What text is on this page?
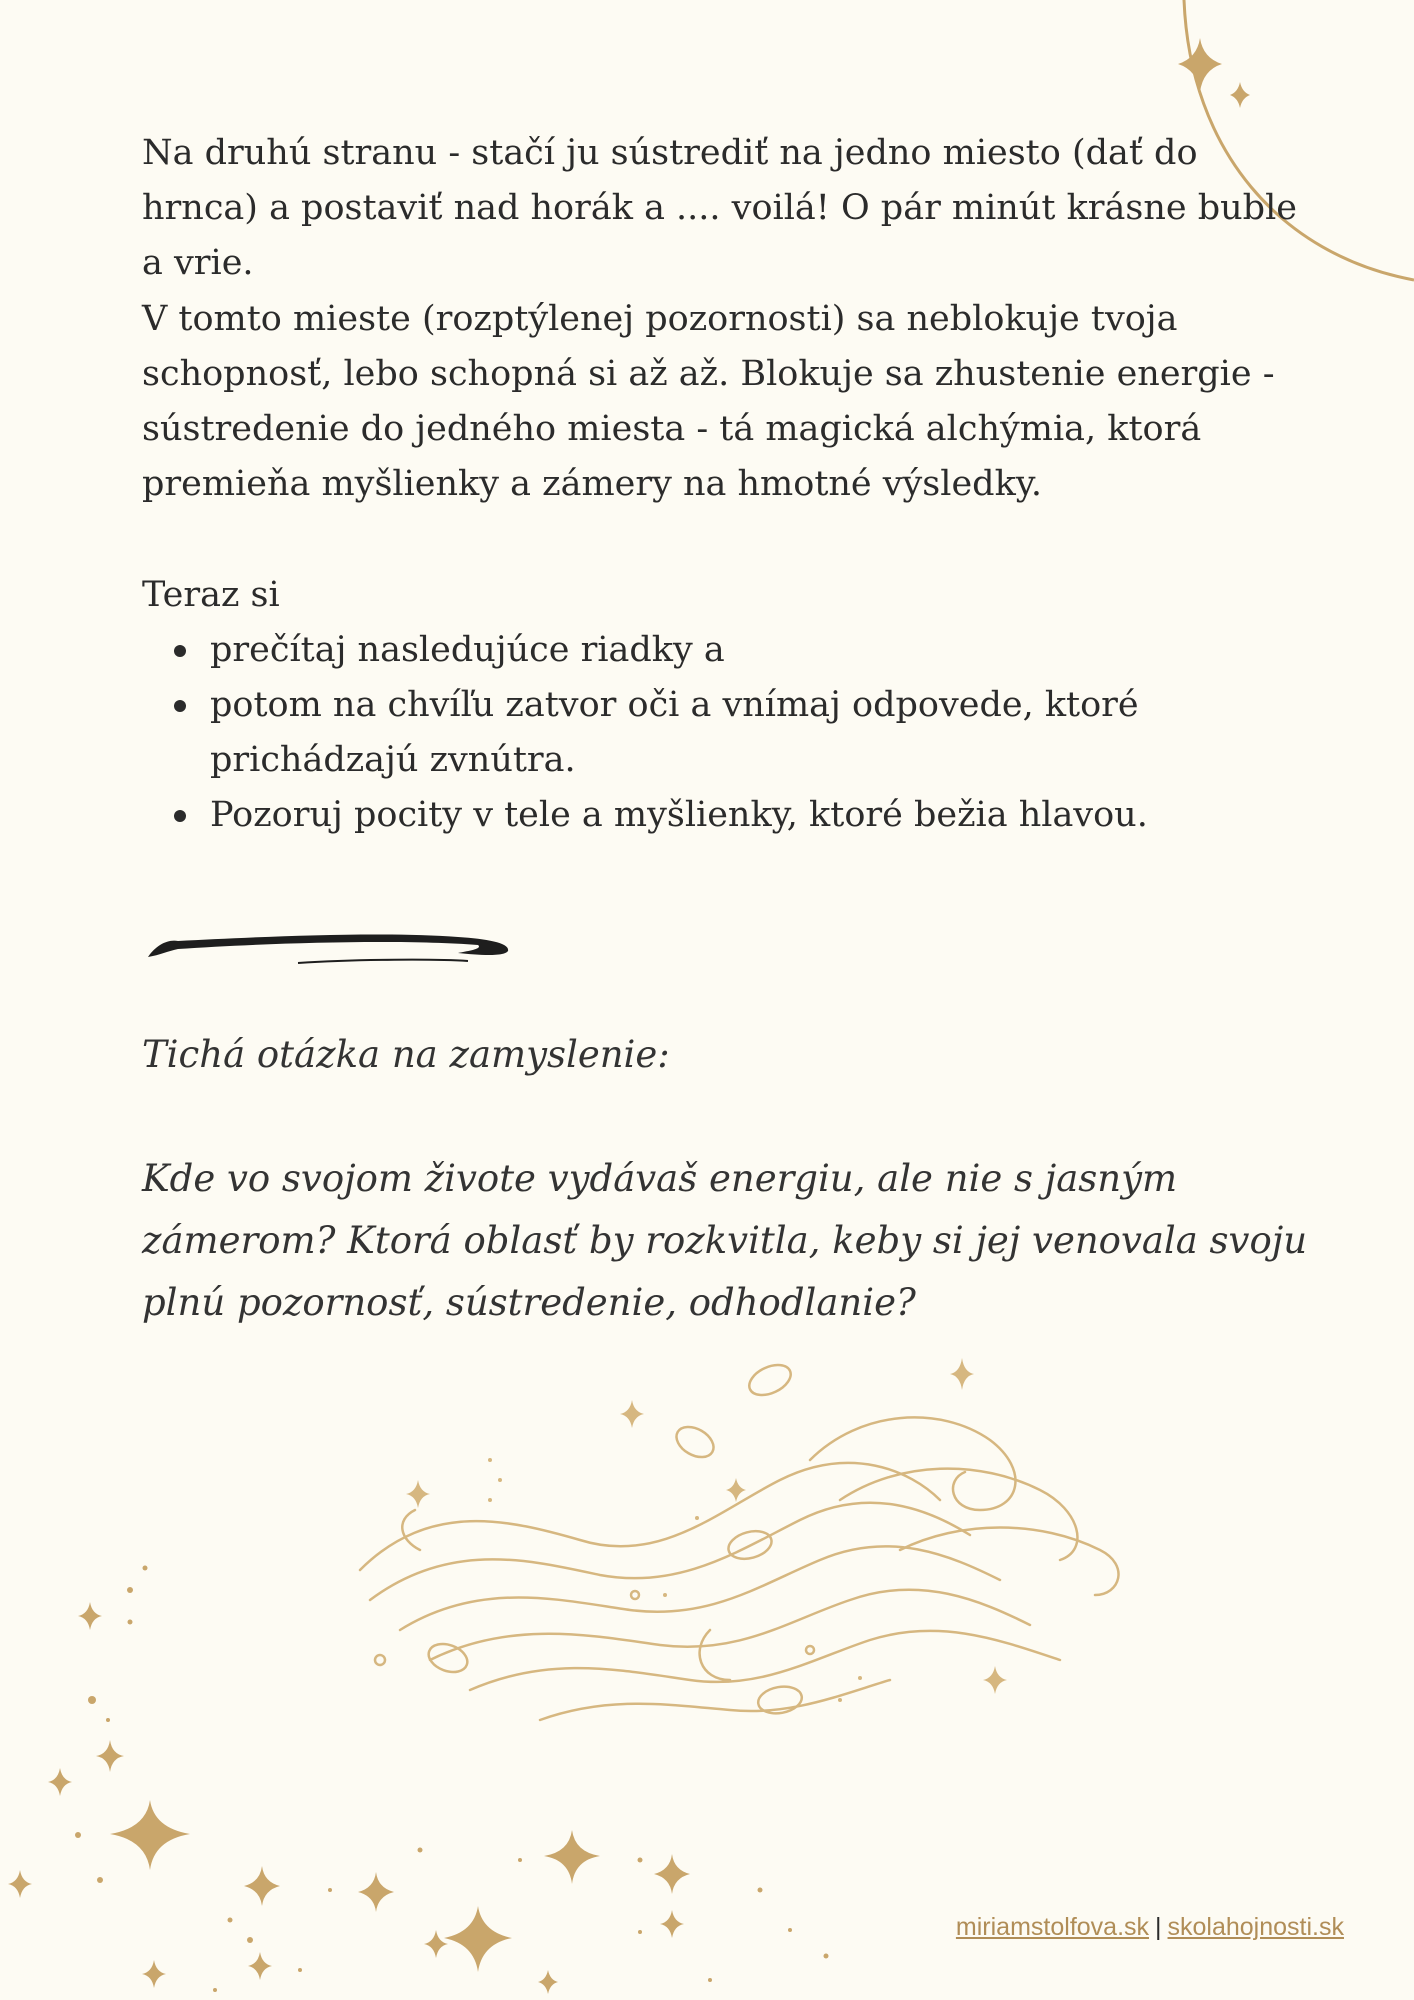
Na druhú stranu - stačí ju sústrediť na jedno miesto (dať do hrnca) a postaviť nad horák a .... voilá! O pár minút krásne buble a vrie.

V tomto mieste (rozptýlenej pozornosti) sa neblokuje tvoja schopnosť, lebo schopná si až až. Blokuje sa zhustenie energie - sústredenie do jedného miesta - tá magická alchýmia, ktorá premieňa myšlienky a zámery na hmotné výsledky.

Teraz si

prečítaj nasledujúce riadky a
potom na chvíľu zatvor oči a vnímaj odpovede, ktoré prichádzajú zvnútra.
Pozoruj pocity v tele a myšlienky, ktoré bežia hlavou.

Tichá otázka na zamyslenie:

Kde vo svojom živote vydávaš energiu, ale nie s jasným zámerom? Ktorá oblasť by rozkvitla, keby si jej venovala svoju plnú pozornosť, sústredenie, odhodlanie?

miriamstolfova.sk | skolahojnosti.sk
